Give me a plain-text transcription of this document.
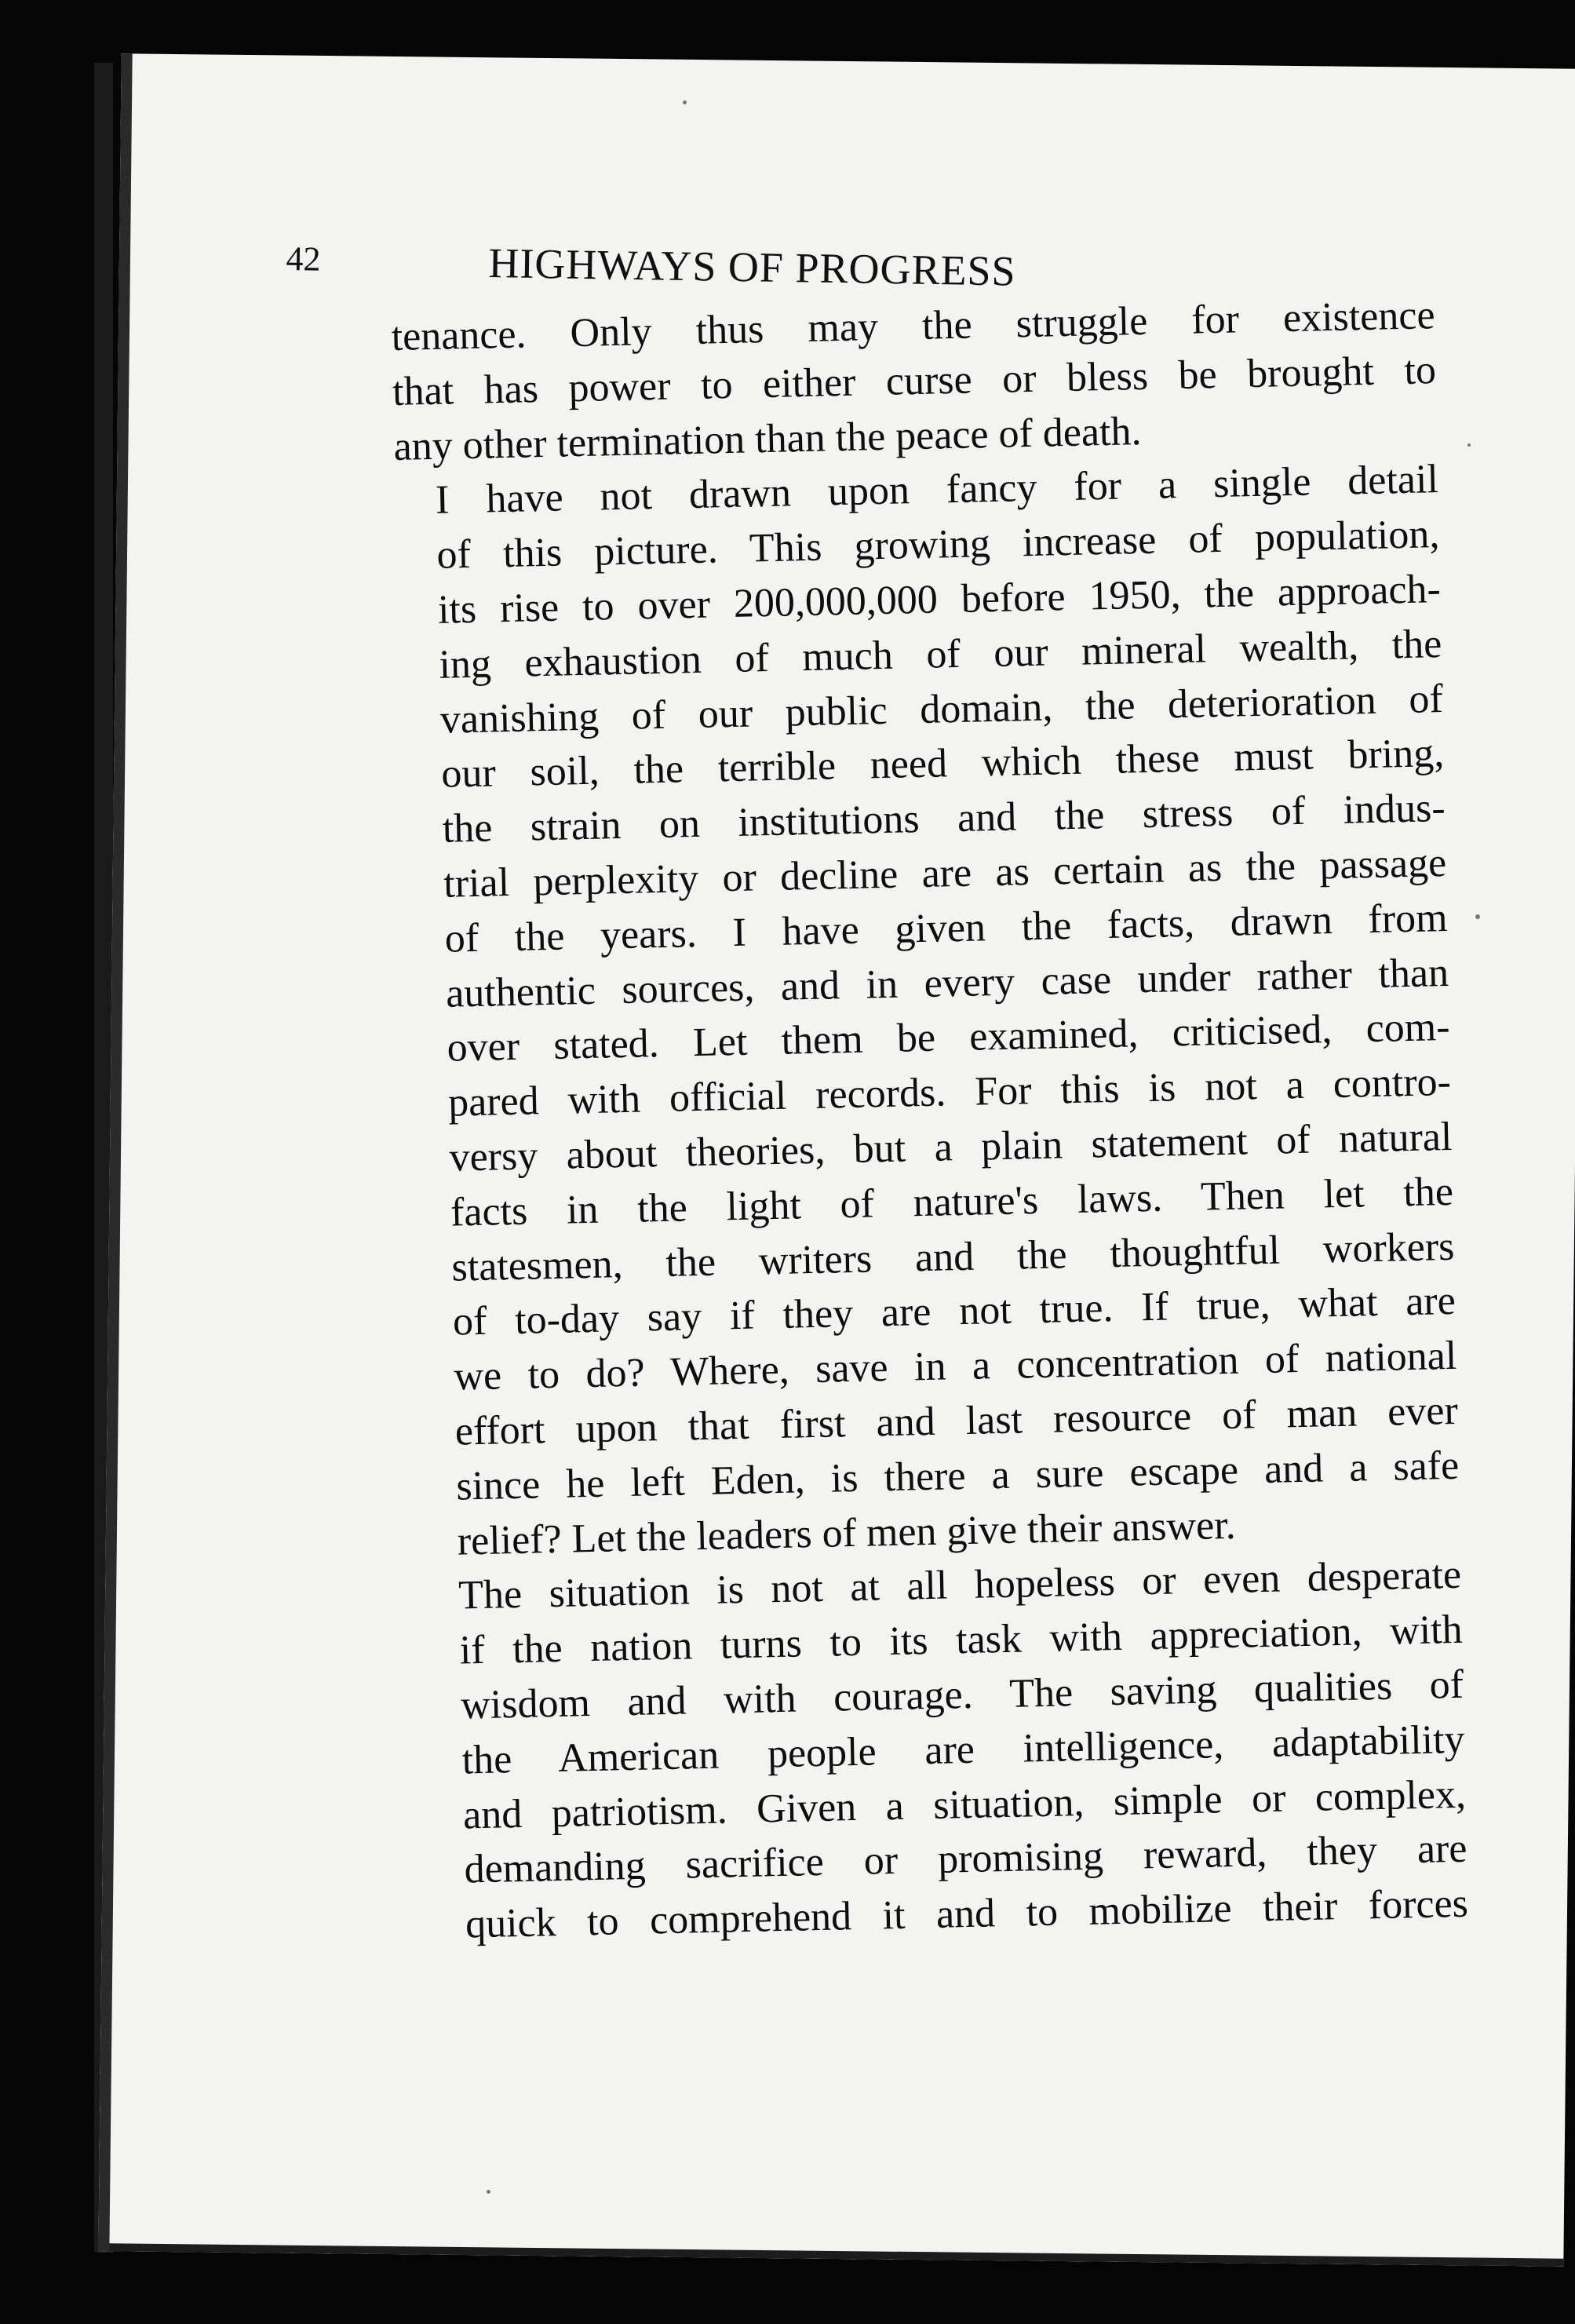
42	HIGHWAYS OF PROGRESS

tenance. Only thus may the struggle for existence
that has power to either curse or bless be brought to
any other termination than the peace of death.

I have not drawn upon fancy for a single detail
of this picture. This growing increase of population,
its rise to over 200,000,000 before 1950, the approach-
ing exhaustion of much of our mineral wealth, the
vanishing of our public domain, the deterioration of
our soil, the terrible need which these must bring,
the strain on institutions and the stress of indus-
trial perplexity or decline are as certain as the passage
of the years. I have given the facts, drawn from
authentic sources, and in every case under rather than
over stated. Let them be examined, criticised, com-
pared with official records. For this is not a contro-
versy about theories, but a plain statement of natural
facts in the light of nature's laws. Then let the
statesmen, the writers and the thoughtful workers
of to-day say if they are not true. If true, what are
we to do? Where, save in a concentration of national
effort upon that first and last resource of man ever
since he left Eden, is there a sure escape and a safe
relief? Let the leaders of men give their answer.

The situation is not at all hopeless or even desperate
if the nation turns to its task with appreciation, with
wisdom and with courage. The saving qualities of
the American people are intelligence, adaptability
and patriotism. Given a situation, simple or complex,
demanding sacrifice or promising reward, they are
quick to comprehend it and to mobilize their forces
